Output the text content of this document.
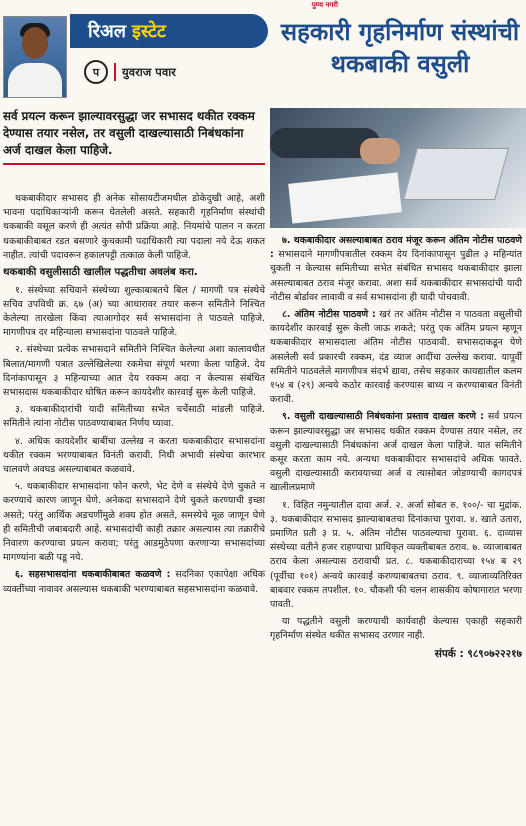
पुण्य नगरी
रिअल इस्टेट
प	युवराज पवार
सहकारी गृहनिर्माण संस्थांची थकबाकी वसुली
सर्व प्रयत्न करून झाल्यावरसुद्धा जर सभासद थकीत रक्कम देण्यास तयार नसेल, तर वसुली दाखल्यासाठी निबंधकांना अर्ज दाखल केला पाहिजे.

थकबाकीदार सभासद ही अनेक सोसायटीजमधील डोकेदुखी आहे, अशी भावना पदाधिकाऱ्यांनी करून घेतलेली असते. सहकारी गृहनिर्माण संस्थांची थकबाकी वसूल करणे ही अत्यंत सोपी प्रक्रिया आहे. नियमांचे पालन न करता थकबाकीबाबत रडत बसणारे कुचकामी पदाधिकारी त्या पदाला नये देऊ शकत नाहीत. त्यांची पदावरून हकालपट्टी तत्काळ केली पाहिजे.

थकबाकी वसुलीसाठी खालील पद्धतीचा अवलंब करा.

१. संस्थेच्या सचिवाने संस्थेच्या शुल्काबाबतचे बिल / मागणी पत्र संस्थेचे सचिव उपविधी क्र. ६७ (अ) च्या आधारावर तयार करून समितीने निश्चित केलेल्या तारखेला किंवा त्याआगोदर सर्व सभासदांना ते पाठवले पाहिजे. मागणीपत्र दर महिन्याला सभासदांना पाठवले पाहिजे.

२. संस्थेच्या प्रत्येक सभासदाने समितीने निश्चित केलेल्या अशा कालावधीत बिलात/मागणी पत्रात उल्लेखिलेल्या रकमेचा संपूर्ण भरणा केला पाहिजे. देय दिनांकापासून ३ महिन्याच्या आत देय रक्कम अदा न केल्यास संबंधित सभासदास थकबाकीदार घोषित करून कायदेशीर कारवाई सुरू केली पाहिजे.

३. थकबाकीदारांची यादी समितीच्या सभेत चर्चेसाठी मांडली पाहिजे. समितीने त्यांना नोटीस पाठवण्याबाबत निर्णय घ्यावा.

४. अधिक कायदेशीर बाबींचा उल्लेख न करता थकबाकीदार सभासदांना थकीत रक्कम भरण्याबाबत विनंती करावी. निधी अभावी संस्थेचा कारभार चालवणे अवघड असल्याबाबत कळवावे.

५. थकबाकीदार सभासदांना फोन करणे, भेट देणे व संस्थेचे देणे चुकते न करण्याचे कारण जाणून घेणे. अनेकदा सभासदाने देणे चुकते करण्याची इच्छा असते; परंतु आर्थिक अडचणींमुळे शक्य होत असते, समस्येचे मूळ जाणून घेणे ही समितीची जबाबदारी आहे. सभासदांची काही तक्रार असल्यास त्या तक्रारीचे निवारण करण्याचा प्रयत्न करावा; परंतु आडमुठेपणा करणाऱ्या सभासदांच्या मागण्यांना बळी पडू नये.

६. सहसभासदांना थकबाकीबाबत कळवणे : सदनिका एकापेक्षा अधिक व्यक्तींच्या नावावर असल्यास थकबाकी भरण्याबाबत सहसभासदांना कळवावे.

७. थकबाकीदार असल्याबाबत ठराव मंजूर करून अंतिम नोटीस पाठवणे : सभासदाने मागणीपत्रातील रक्कम देय दिनांकापासून पुढील ३ महिन्यांत चुकती न केल्यास समितीच्या सभेत संबंधित सभासद थकबाकीदार झाला असल्याबाबत ठराव मंजूर करावा. अशा सर्व थकबाकीदार सभासदांची यादी नोटीस बोर्डावर लावावी व सर्व सभासदांना ही यादी पोचवावी.

८. अंतिम नोटीस पाठवणे : खरं तर अंतिम नोटीस न पाठवता वसुलीची कायदेशीर कारवाई सुरू केली जाऊ शकते; परंतु एक अंतिम प्रयत्न म्हणून थकबाकीदार सभासदाला अंतिम नोटीस पाठवावी. सभासदाकडून येणे असलेली सर्व प्रकारची रक्कम, दंड व्याज आदींचा उल्लेख करावा. यापूर्वी समितीने पाठवलेले मागणीपत्र संदर्भ द्यावा, तसेच सहकार कायद्यातील कलम १५४ ब (२९) अन्वये कठोर कारवाई करण्यास बाध्य न करण्याबाबत विनंती करावी.

९. वसुली दाखल्यासाठी निबंधकांना प्रस्ताव दाखल करणे : सर्व प्रयत्न करून झाल्यावरसुद्धा जर सभासद थकीत रक्कम देण्यास तयार नसेल, तर वसुली दाखल्यासाठी निबंधकांना अर्ज दाखल केला पाहिजे. यात समितीने कसूर करता काम नये. अन्यथा थकबाकीदार सभासदांचे अधिक फावते. वसुली दाखल्यासाठी करावयाच्या अर्ज व त्यासोबत जोडण्याची कागदपत्रं खालीलप्रमाणे

१. विहित नमुन्यातील दावा अर्ज. २. अर्जा सोबत रु. १००/- चा मुद्रांक. ३. थकबाकीदार सभासद झाल्याबाबतचा दिनांकाचा पुरावा. ४. खाते उतारा, प्रमाणित प्रती ३ प्र. ५. अंतिम नोटीस पाठवल्याचा पुरावा. ६. दाव्यास संस्थेच्या वतीने हजर राहण्याचा प्राधिकृत व्यक्तीबाबत ठराव. ७. व्याजाबाबत ठराव केला असल्यास ठरावाची प्रत. ८. थकबाकीदाराच्या १५४ ब २९ (पूर्वीचा १०१) अन्वये कारवाई करण्याबाबतचा ठराव. ९. व्याजाव्यतिरिक्त बाबवार रक्कम तपशील. १०. चौकशी फी चलन शासकीय कोषागारात भरणा पावती.

या पद्धतीने वसुली करण्याची कार्यवाही केल्यास एकाही सहकारी गृहनिर्माण संस्थेत थकीत सभासद उरणार नाही.

संपर्क : ९८९०७२२२१७
